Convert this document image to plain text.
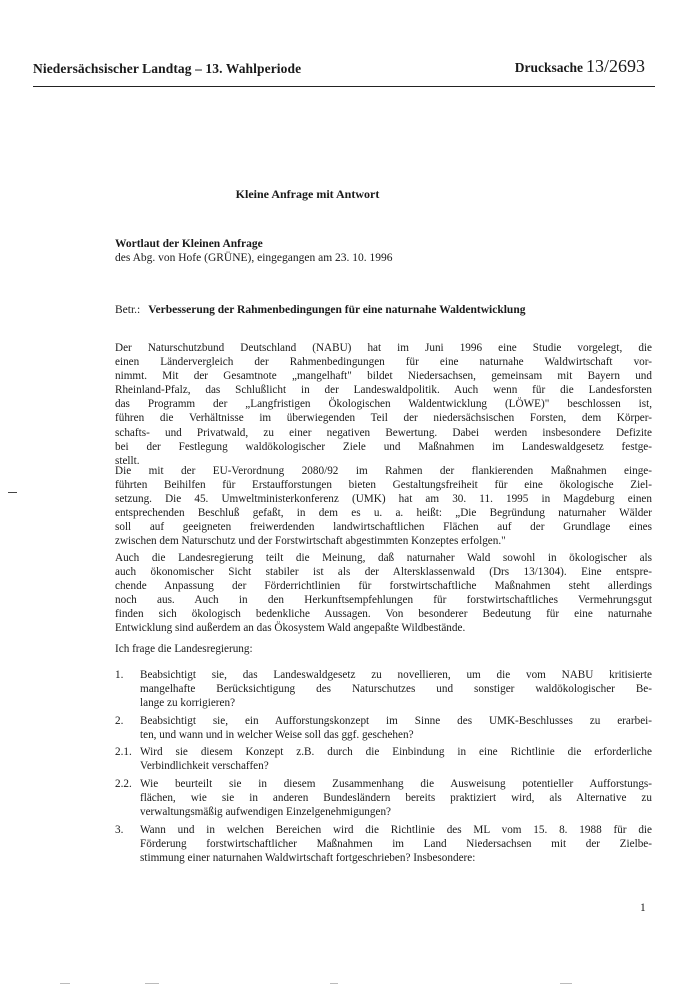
Niedersächsischer Landtag – 13. Wahlperiode	Drucksache 13/2693
Kleine Anfrage mit Antwort
Wortlaut der Kleinen Anfrage
des Abg. von Hofe (GRÜNE), eingegangen am 23. 10. 1996
Betr.: Verbesserung der Rahmenbedingungen für eine naturnahe Waldentwicklung
Der Naturschutzbund Deutschland (NABU) hat im Juni 1996 eine Studie vorgelegt, die
einen Ländervergleich der Rahmenbedingungen für eine naturnahe Waldwirtschaft vor-
nimmt. Mit der Gesamtnote „mangelhaft" bildet Niedersachsen, gemeinsam mit Bayern und
Rheinland-Pfalz, das Schlußlicht in der Landeswaldpolitik. Auch wenn für die Landesforsten
das Programm der „Langfristigen Ökologischen Waldentwicklung (LÖWE)" beschlossen ist,
führen die Verhältnisse im überwiegenden Teil der niedersächsischen Forsten, dem Körper-
schafts- und Privatwald, zu einer negativen Bewertung. Dabei werden insbesondere Defizite
bei der Festlegung waldökologischer Ziele und Maßnahmen im Landeswaldgesetz festge-
stellt.
Die mit der EU-Verordnung 2080/92 im Rahmen der flankierenden Maßnahmen einge-
führten Beihilfen für Erstaufforstungen bieten Gestaltungsfreiheit für eine ökologische Ziel-
setzung. Die 45. Umweltministerkonferenz (UMK) hat am 30. 11. 1995 in Magdeburg einen
entsprechenden Beschluß gefaßt, in dem es u. a. heißt: „Die Begründung naturnaher Wälder
soll auf geeigneten freiwerdenden landwirtschaftlichen Flächen auf der Grundlage eines
zwischen dem Naturschutz und der Forstwirtschaft abgestimmten Konzeptes erfolgen."
Auch die Landesregierung teilt die Meinung, daß naturnaher Wald sowohl in ökologischer als
auch ökonomischer Sicht stabiler ist als der Altersklassenwald (Drs 13/1304). Eine entspre-
chende Anpassung der Förderrichtlinien für forstwirtschaftliche Maßnahmen steht allerdings
noch aus. Auch in den Herkunftsempfehlungen für forstwirtschaftliches Vermehrungsgut
finden sich ökologisch bedenkliche Aussagen. Von besonderer Bedeutung für eine naturnahe
Entwicklung sind außerdem an das Ökosystem Wald angepaßte Wildbestände.
Ich frage die Landesregierung:
1. Beabsichtigt sie, das Landeswaldgesetz zu novellieren, um die vom NABU kritisierte
mangelhafte Berücksichtigung des Naturschutzes und sonstiger waldökologischer Be-
lange zu korrigieren?
2. Beabsichtigt sie, ein Aufforstungskonzept im Sinne des UMK-Beschlusses zu erarbei-
ten, und wann und in welcher Weise soll das ggf. geschehen?
2.1. Wird sie diesem Konzept z.B. durch die Einbindung in eine Richtlinie die erforderliche
Verbindlichkeit verschaffen?
2.2. Wie beurteilt sie in diesem Zusammenhang die Ausweisung potentieller Aufforstungs-
flächen, wie sie in anderen Bundesländern bereits praktiziert wird, als Alternative zu
verwaltungsmäßig aufwendigen Einzelgenehmigungen?
3. Wann und in welchen Bereichen wird die Richtlinie des ML vom 15. 8. 1988 für die
Förderung forstwirtschaftlicher Maßnahmen im Land Niedersachsen mit der Zielbe-
stimmung einer naturnahen Waldwirtschaft fortgeschrieben? Insbesondere:
1
